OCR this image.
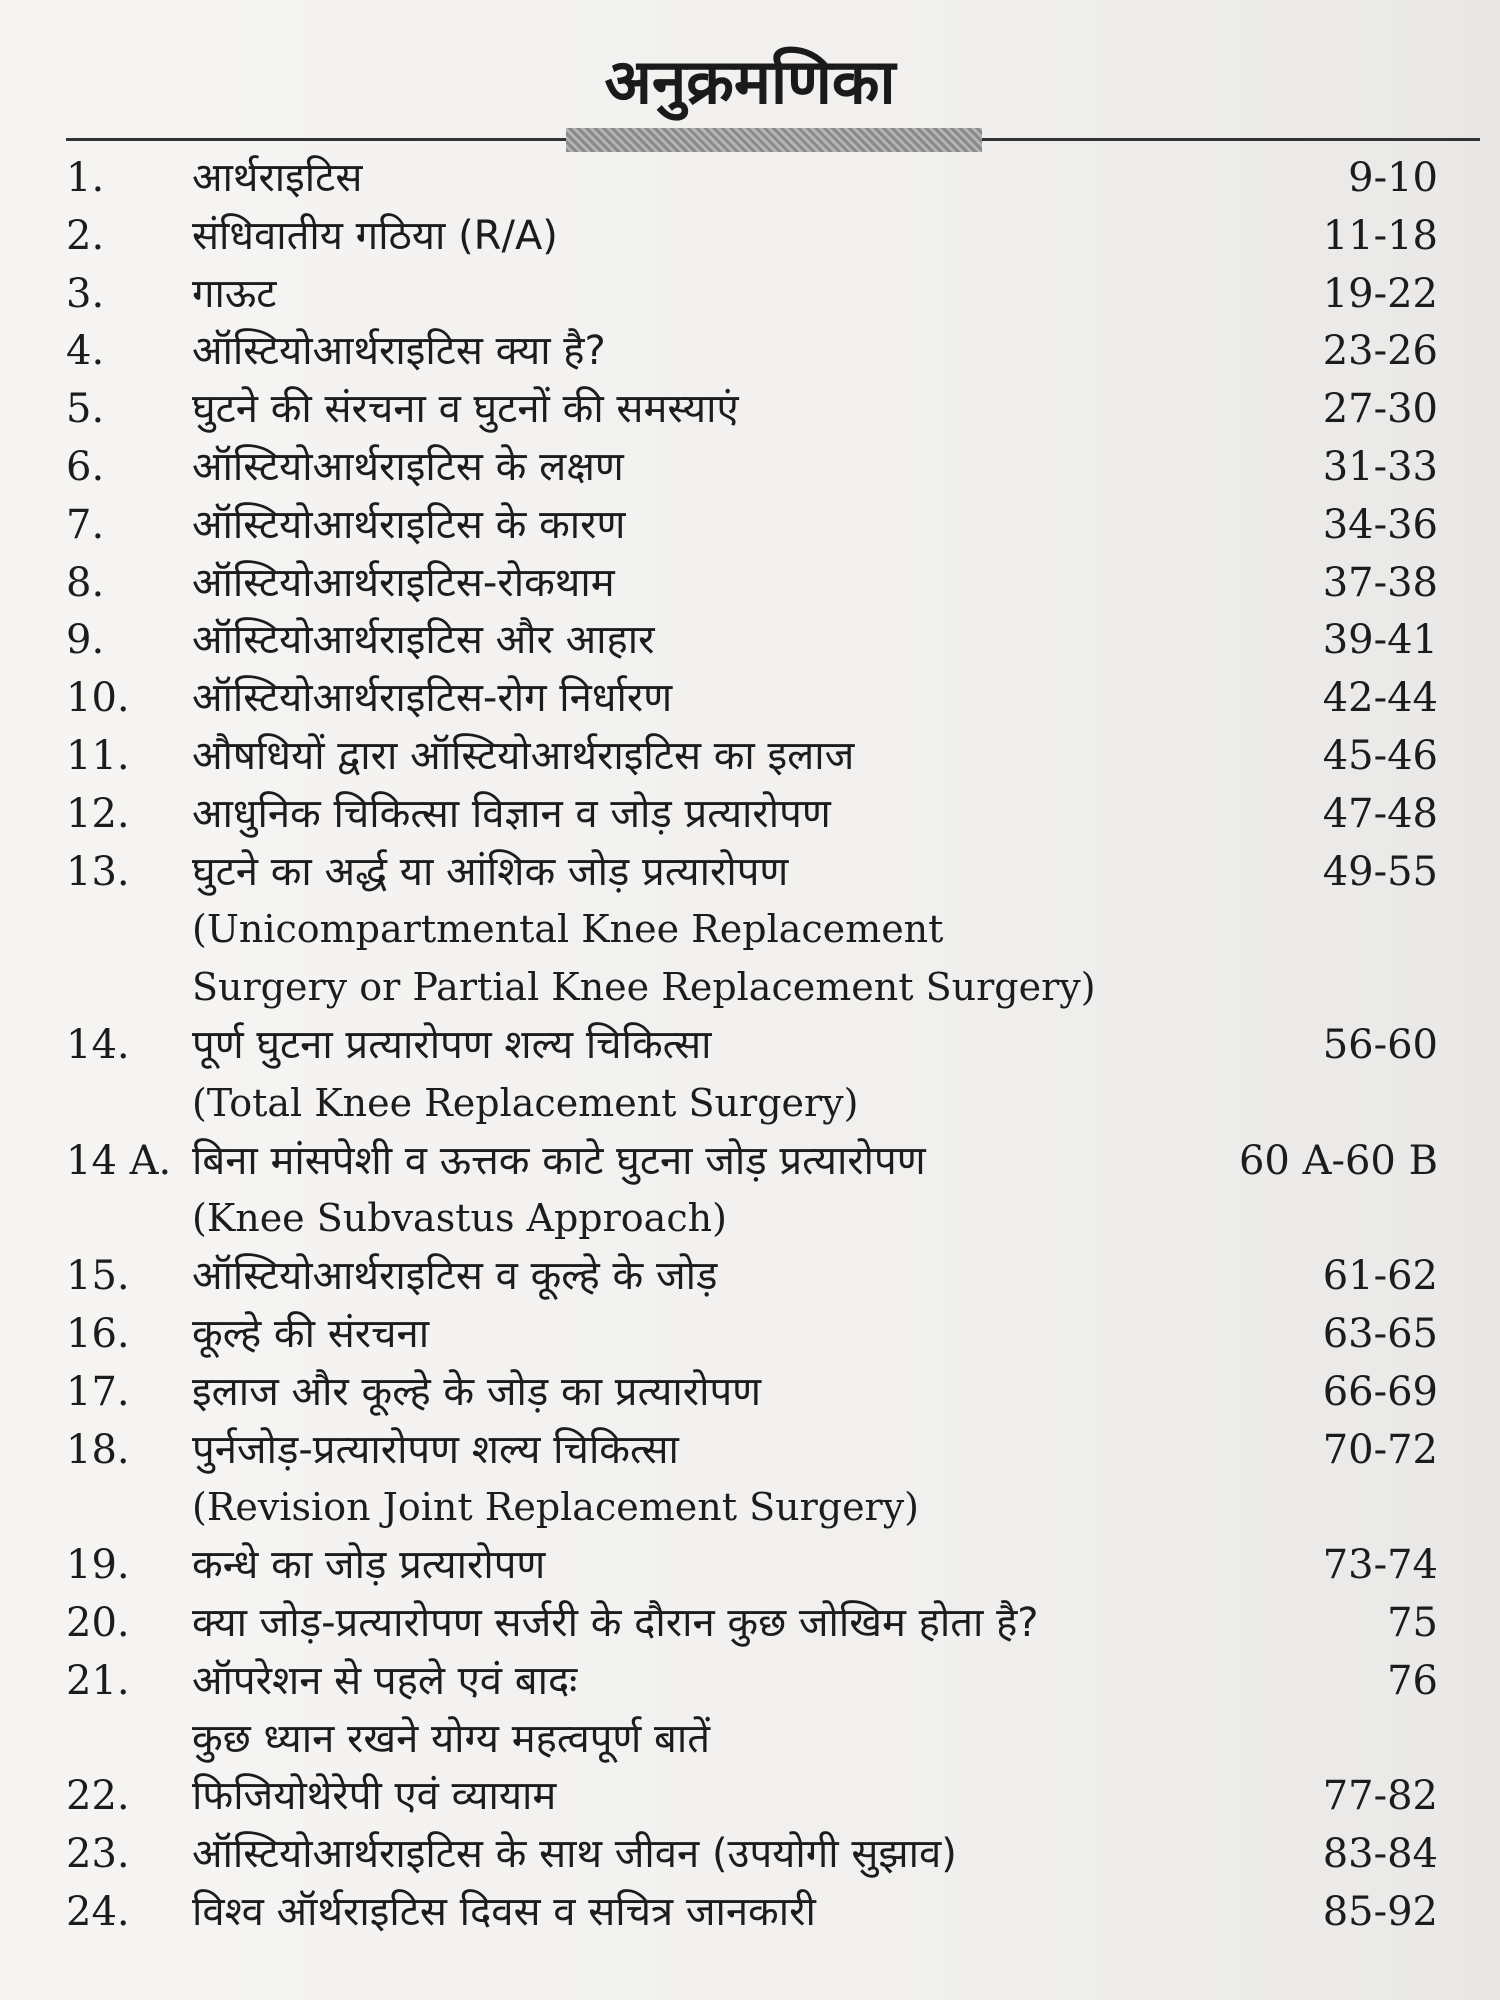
अनुक्रमणिका
1. आर्थराइटिस	9-10
2. संधिवातीय गठिया (R/A)	11-18
3. गाऊट	19-22
4. ऑस्टियोआर्थराइटिस क्या है?	23-26
5. घुटने की संरचना व घुटनों की समस्याएं	27-30
6. ऑस्टियोआर्थराइटिस के लक्षण	31-33
7. ऑस्टियोआर्थराइटिस के कारण	34-36
8. ऑस्टियोआर्थराइटिस-रोकथाम	37-38
9. ऑस्टियोआर्थराइटिस और आहार	39-41
10. ऑस्टियोआर्थराइटिस-रोग निर्धारण	42-44
11. औषधियों द्वारा ऑस्टियोआर्थराइटिस का इलाज	45-46
12. आधुनिक चिकित्सा विज्ञान व जोड़ प्रत्यारोपण	47-48
13. घुटने का अर्द्ध या आंशिक जोड़ प्रत्यारोपण	49-55
(Unicompartmental Knee Replacement
Surgery or Partial Knee Replacement Surgery)
14. पूर्ण घुटना प्रत्यारोपण शल्य चिकित्सा	56-60
(Total Knee Replacement Surgery)
14 A. बिना मांसपेशी व ऊत्तक काटे घुटना जोड़ प्रत्यारोपण	60 A-60 B
(Knee Subvastus Approach)
15. ऑस्टियोआर्थराइटिस व कूल्हे के जोड़	61-62
16. कूल्हे की संरचना	63-65
17. इलाज और कूल्हे के जोड़ का प्रत्यारोपण	66-69
18. पुर्नजोड़-प्रत्यारोपण शल्य चिकित्सा	70-72
(Revision Joint Replacement Surgery)
19. कन्धे का जोड़ प्रत्यारोपण	73-74
20. क्या जोड़-प्रत्यारोपण सर्जरी के दौरान कुछ जोखिम होता है?	75
21. ऑपरेशन से पहले एवं बादः	76
कुछ ध्यान रखने योग्य महत्वपूर्ण बातें
22. फिजियोथेरेपी एवं व्यायाम	77-82
23. ऑस्टियोआर्थराइटिस के साथ जीवन (उपयोगी सुझाव)	83-84
24. विश्व ऑर्थराइटिस दिवस व सचित्र जानकारी	85-92
